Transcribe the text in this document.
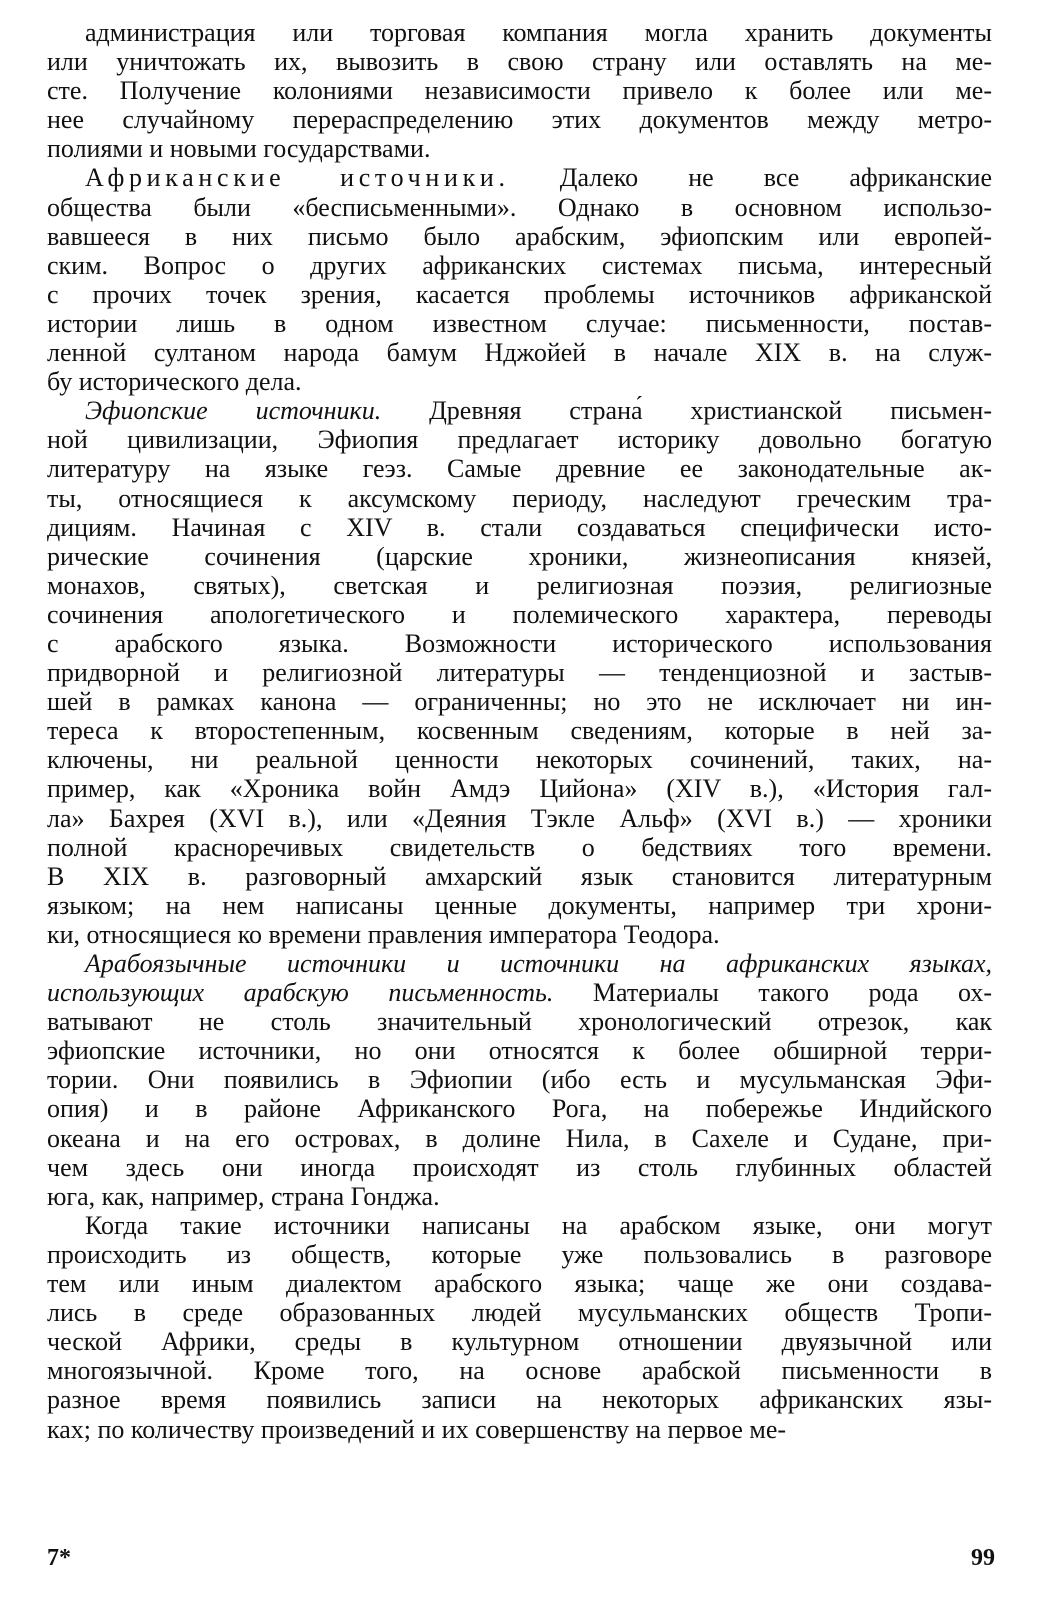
администрация или торговая компания могла хранить документы
или уничтожать их, вывозить в свою страну или оставлять на ме-
сте. Получение колониями независимости привело к более или ме-
нее случайному перераспределению этих документов между метро-
полиями и новыми государствами.
Африканские источники. Далеко не все африканские
общества были «бесписьменными». Однако в основном использо-
вавшееся в них письмо было арабским, эфиопским или европей-
ским. Вопрос о других африканских системах письма, интересный
с прочих точек зрения, касается проблемы источников африканской
истории лишь в одном известном случае: письменности, постав-
ленной султаном народа бамум Нджойей в начале XIX в. на служ-
бу исторического дела.
Эфиопские источники. Древняя страна́ христианской письмен-
ной цивилизации, Эфиопия предлагает историку довольно богатую
литературу на языке геэз. Самые древние ее законодательные ак-
ты, относящиеся к аксумскому периоду, наследуют греческим тра-
дициям. Начиная с XIV в. стали создаваться специфически исто-
рические сочинения (царские хроники, жизнеописания князей,
монахов, святых), светская и религиозная поэзия, религиозные
сочинения апологетического и полемического характера, переводы
с арабского языка. Возможности исторического использования
придворной и религиозной литературы — тенденциозной и застыв-
шей в рамках канона — ограниченны; но это не исключает ни ин-
тереса к второстепенным, косвенным сведениям, которые в ней за-
ключены, ни реальной ценности некоторых сочинений, таких, на-
пример, как «Хроника войн Амдэ Цийона» (XIV в.), «История гал-
ла» Бахрея (XVI в.), или «Деяния Тэкле Альф» (XVI в.) — хроники
полной красноречивых свидетельств о бедствиях того времени.
В XIX в. разговорный амхарский язык становится литературным
языком; на нем написаны ценные документы, например три хрони-
ки, относящиеся ко времени правления императора Теодора.
Арабоязычные источники и источники на африканских языках,
использующих арабскую письменность. Материалы такого рода ох-
ватывают не столь значительный хронологический отрезок, как
эфиопские источники, но они относятся к более обширной терри-
тории. Они появились в Эфиопии (ибо есть и мусульманская Эфи-
опия) и в районе Африканского Рога, на побережье Индийского
океана и на его островах, в долине Нила, в Сахеле и Судане, при-
чем здесь они иногда происходят из столь глубинных областей
юга, как, например, страна Гонджа.
Когда такие источники написаны на арабском языке, они могут
происходить из обществ, которые уже пользовались в разговоре
тем или иным диалектом арабского языка; чаще же они создава-
лись в среде образованных людей мусульманских обществ Тропи-
ческой Африки, среды в культурном отношении двуязычной или
многоязычной. Кроме того, на основе арабской письменности в
разное время появились записи на некоторых африканских язы-
ках; по количеству произведений и их совершенству на первое ме-
7*	99
